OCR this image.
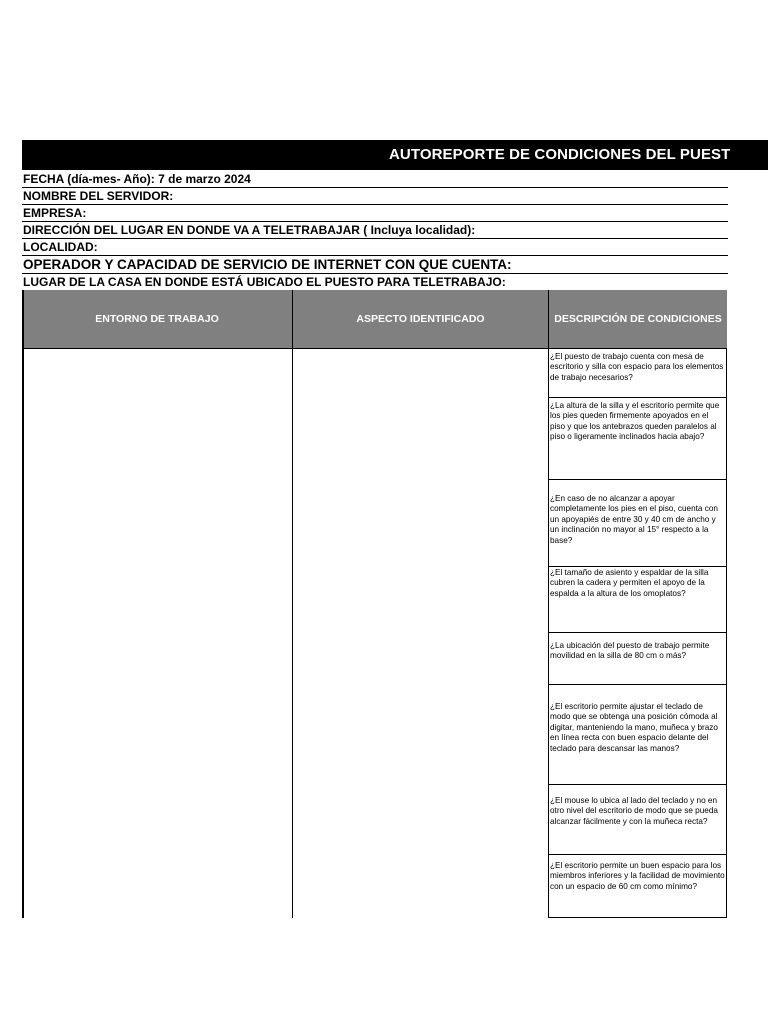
AUTOREPORTE DE CONDICIONES DEL PUEST
FECHA (día-mes- Año): 7 de marzo 2024
NOMBRE DEL SERVIDOR:
EMPRESA:
DIRECCIÓN DEL LUGAR EN DONDE VA A TELETRABAJAR ( Incluya localidad):
LOCALIDAD:
OPERADOR Y CAPACIDAD DE SERVICIO DE INTERNET CON QUE CUENTA:
LUGAR DE LA CASA EN DONDE ESTÁ UBICADO EL PUESTO PARA TELETRABAJO:
ENTORNO DE TRABAJO	ASPECTO IDENTIFICADO	DESCRIPCIÓN DE CONDICIONES
¿El puesto de trabajo cuenta con mesa de escritorio y silla con espacio para los elementos de trabajo necesarios?
¿La altura de la silla y el escritorio permite que los pies queden firmemente apoyados en el piso y que los antebrazos queden paralelos al piso o ligeramente inclinados hacia abajo?
¿En caso de no alcanzar a apoyar completamente los pies en el piso, cuenta con un apoyapiés de entre 30 y 40 cm de ancho y un inclinación no mayor al 15° respecto a la base?
¿El tamaño de asiento y espaldar de la silla cubren la cadera y permiten el apoyo de la espalda a la altura de los omoplatos?
¿La ubicación del puesto de trabajo permite movilidad en la silla de 80 cm o más?
¿El escritorio permite ajustar el teclado de modo que se obtenga una posición cómoda al digitar, manteniendo la mano, muñeca y brazo en línea recta con buen espacio delante del teclado para descansar las manos?
¿El mouse lo ubica al lado del teclado y no en otro nivel del escritorio de modo que se pueda alcanzar fácilmente y con la muñeca recta?
¿El escritorio permite un buen espacio para los miembros inferiores y la facilidad de movimiento con un espacio de 60 cm como mínimo?
